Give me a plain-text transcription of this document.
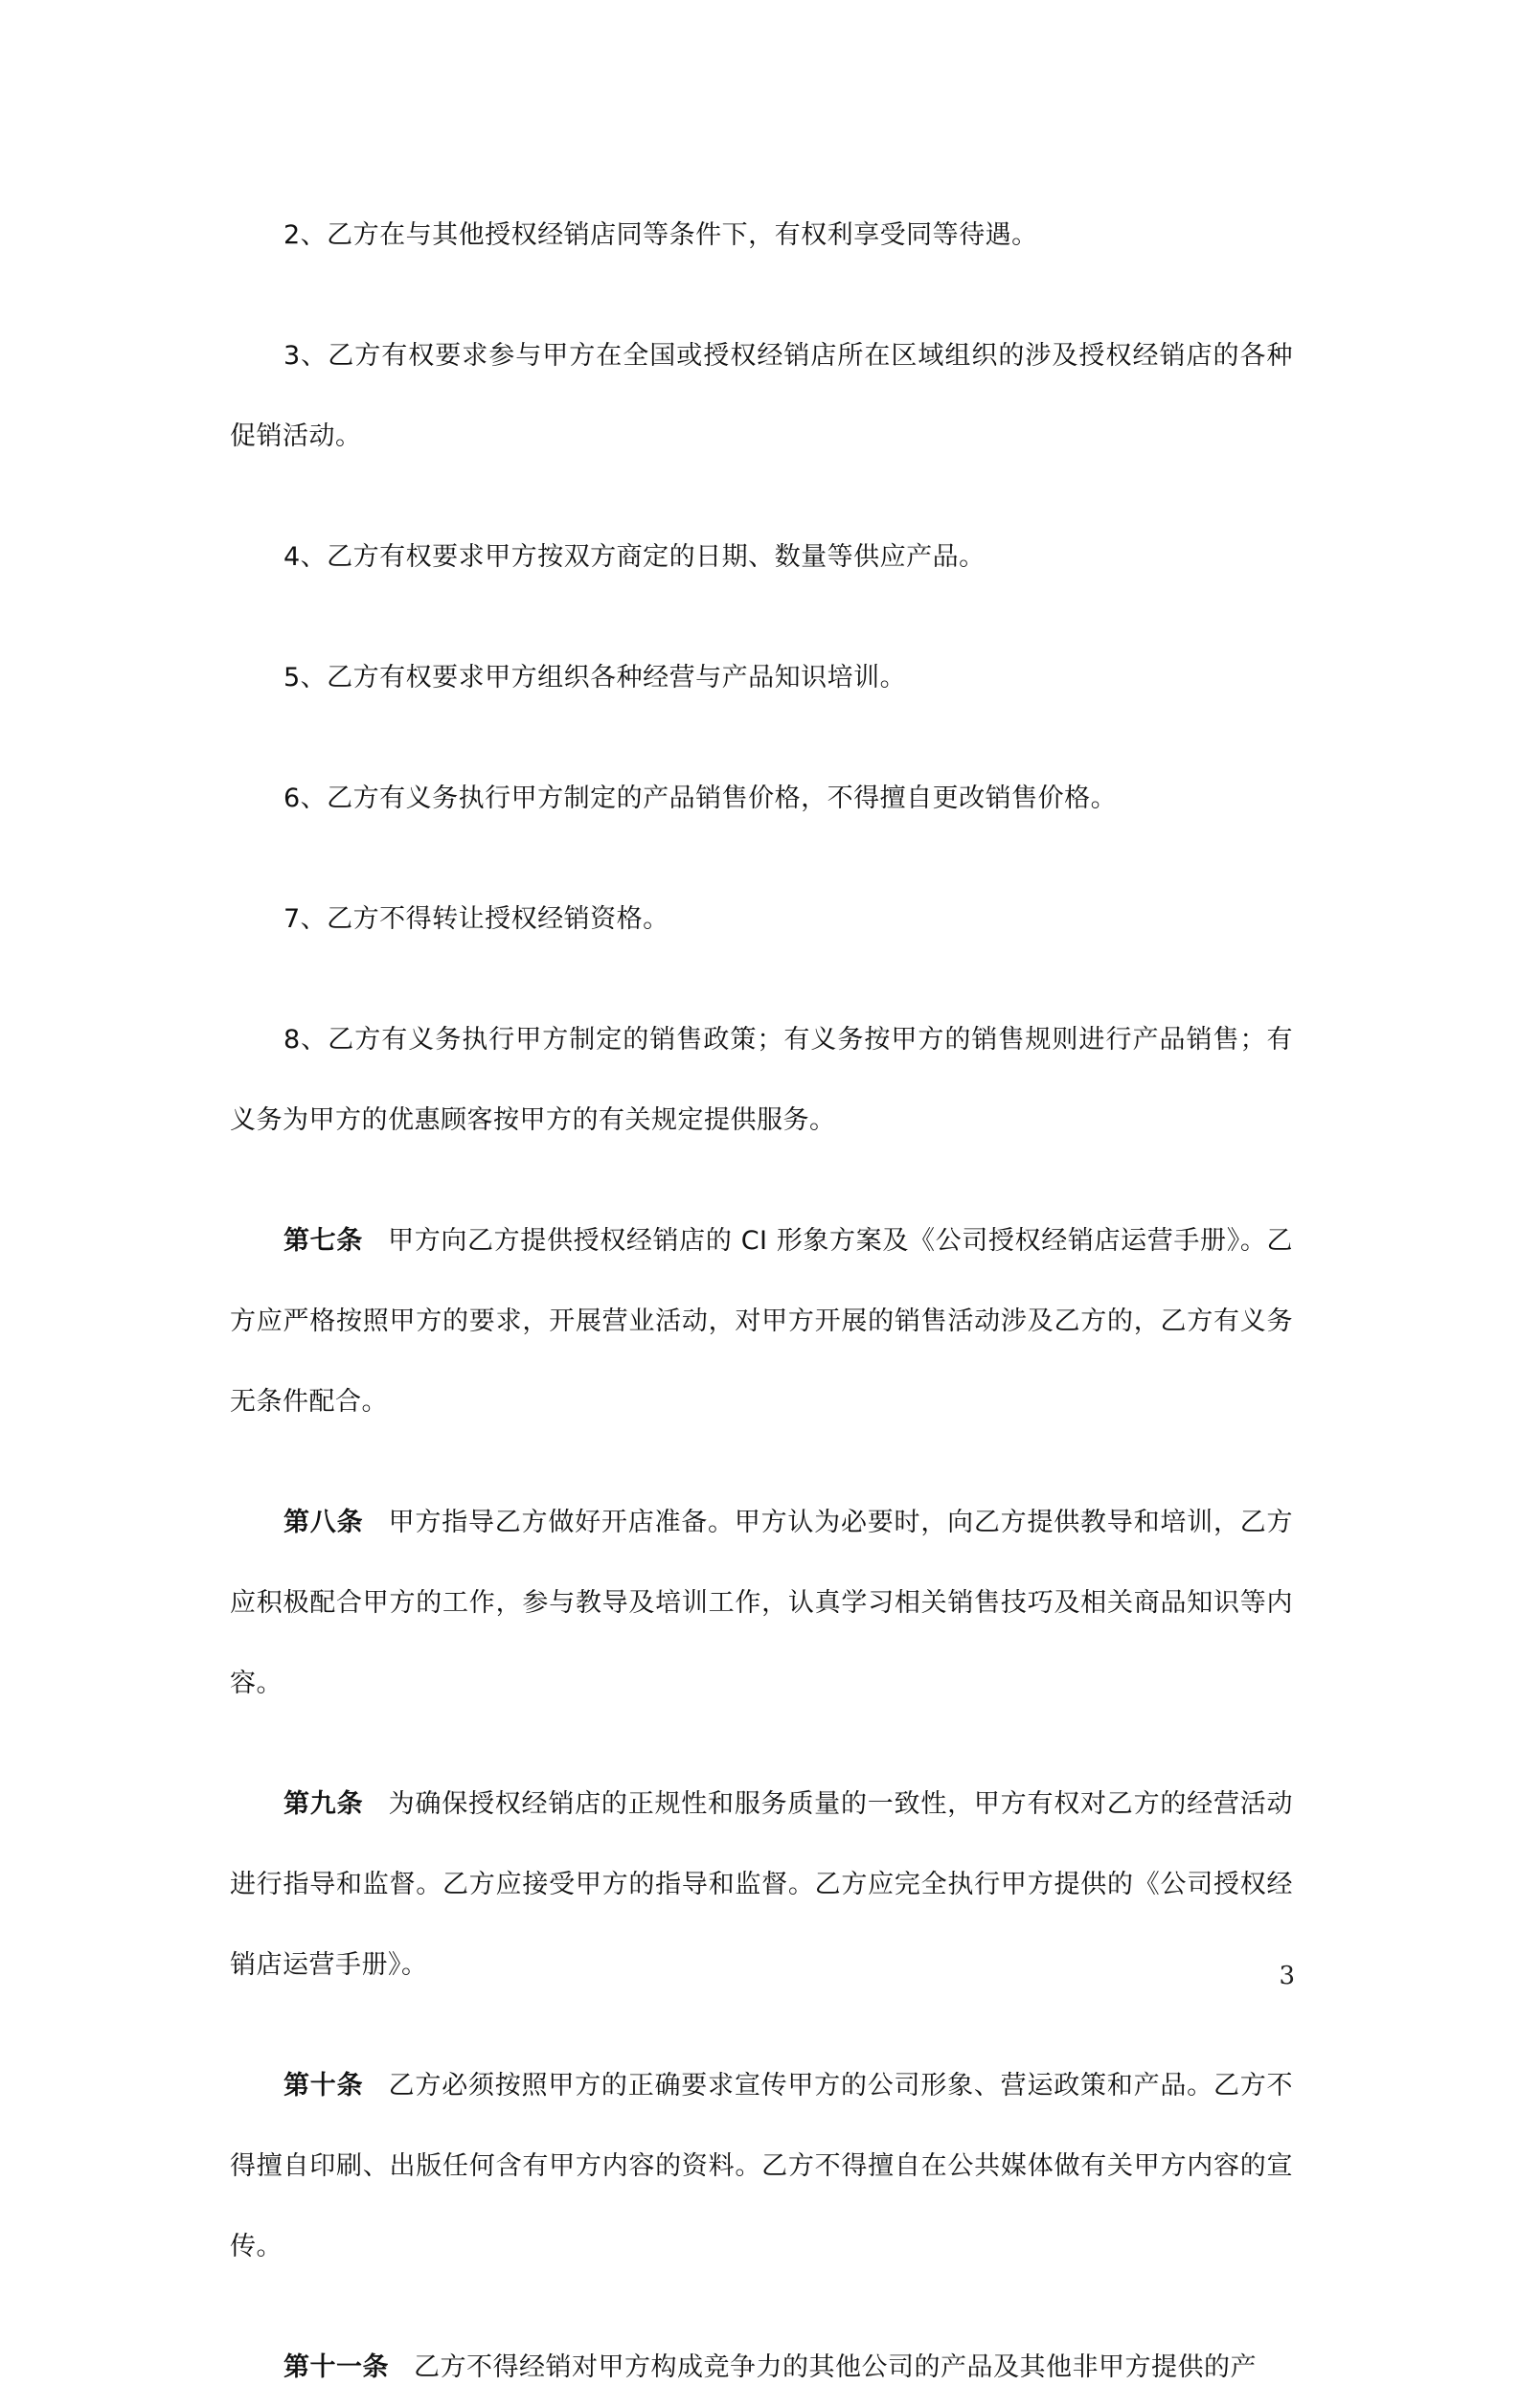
2、乙方在与其他授权经销店同等条件下，有权利享受同等待遇。

3、乙方有权要求参与甲方在全国或授权经销店所在区域组织的涉及授权经销店的各种促销活动。

4、乙方有权要求甲方按双方商定的日期、数量等供应产品。

5、乙方有权要求甲方组织各种经营与产品知识培训。

6、乙方有义务执行甲方制定的产品销售价格，不得擅自更改销售价格。

7、乙方不得转让授权经销资格。

8、乙方有义务执行甲方制定的销售政策；有义务按甲方的销售规则进行产品销售；有义务为甲方的优惠顾客按甲方的有关规定提供服务。

第七条 甲方向乙方提供授权经销店的 CI 形象方案及《公司授权经销店运营手册》。乙方应严格按照甲方的要求，开展营业活动，对甲方开展的销售活动涉及乙方的，乙方有义务无条件配合。

第八条 甲方指导乙方做好开店准备。甲方认为必要时，向乙方提供教导和培训，乙方应积极配合甲方的工作，参与教导及培训工作，认真学习相关销售技巧及相关商品知识等内容。

第九条 为确保授权经销店的正规性和服务质量的一致性，甲方有权对乙方的经营活动进行指导和监督。乙方应接受甲方的指导和监督。乙方应完全执行甲方提供的《公司授权经销店运营手册》。

第十条 乙方必须按照甲方的正确要求宣传甲方的公司形象、营运政策和产品。乙方不得擅自印刷、出版任何含有甲方内容的资料。乙方不得擅自在公共媒体做有关甲方内容的宣传。

第十一条 乙方不得经销对甲方构成竞争力的其他公司的产品及其他非甲方提供的产

3
